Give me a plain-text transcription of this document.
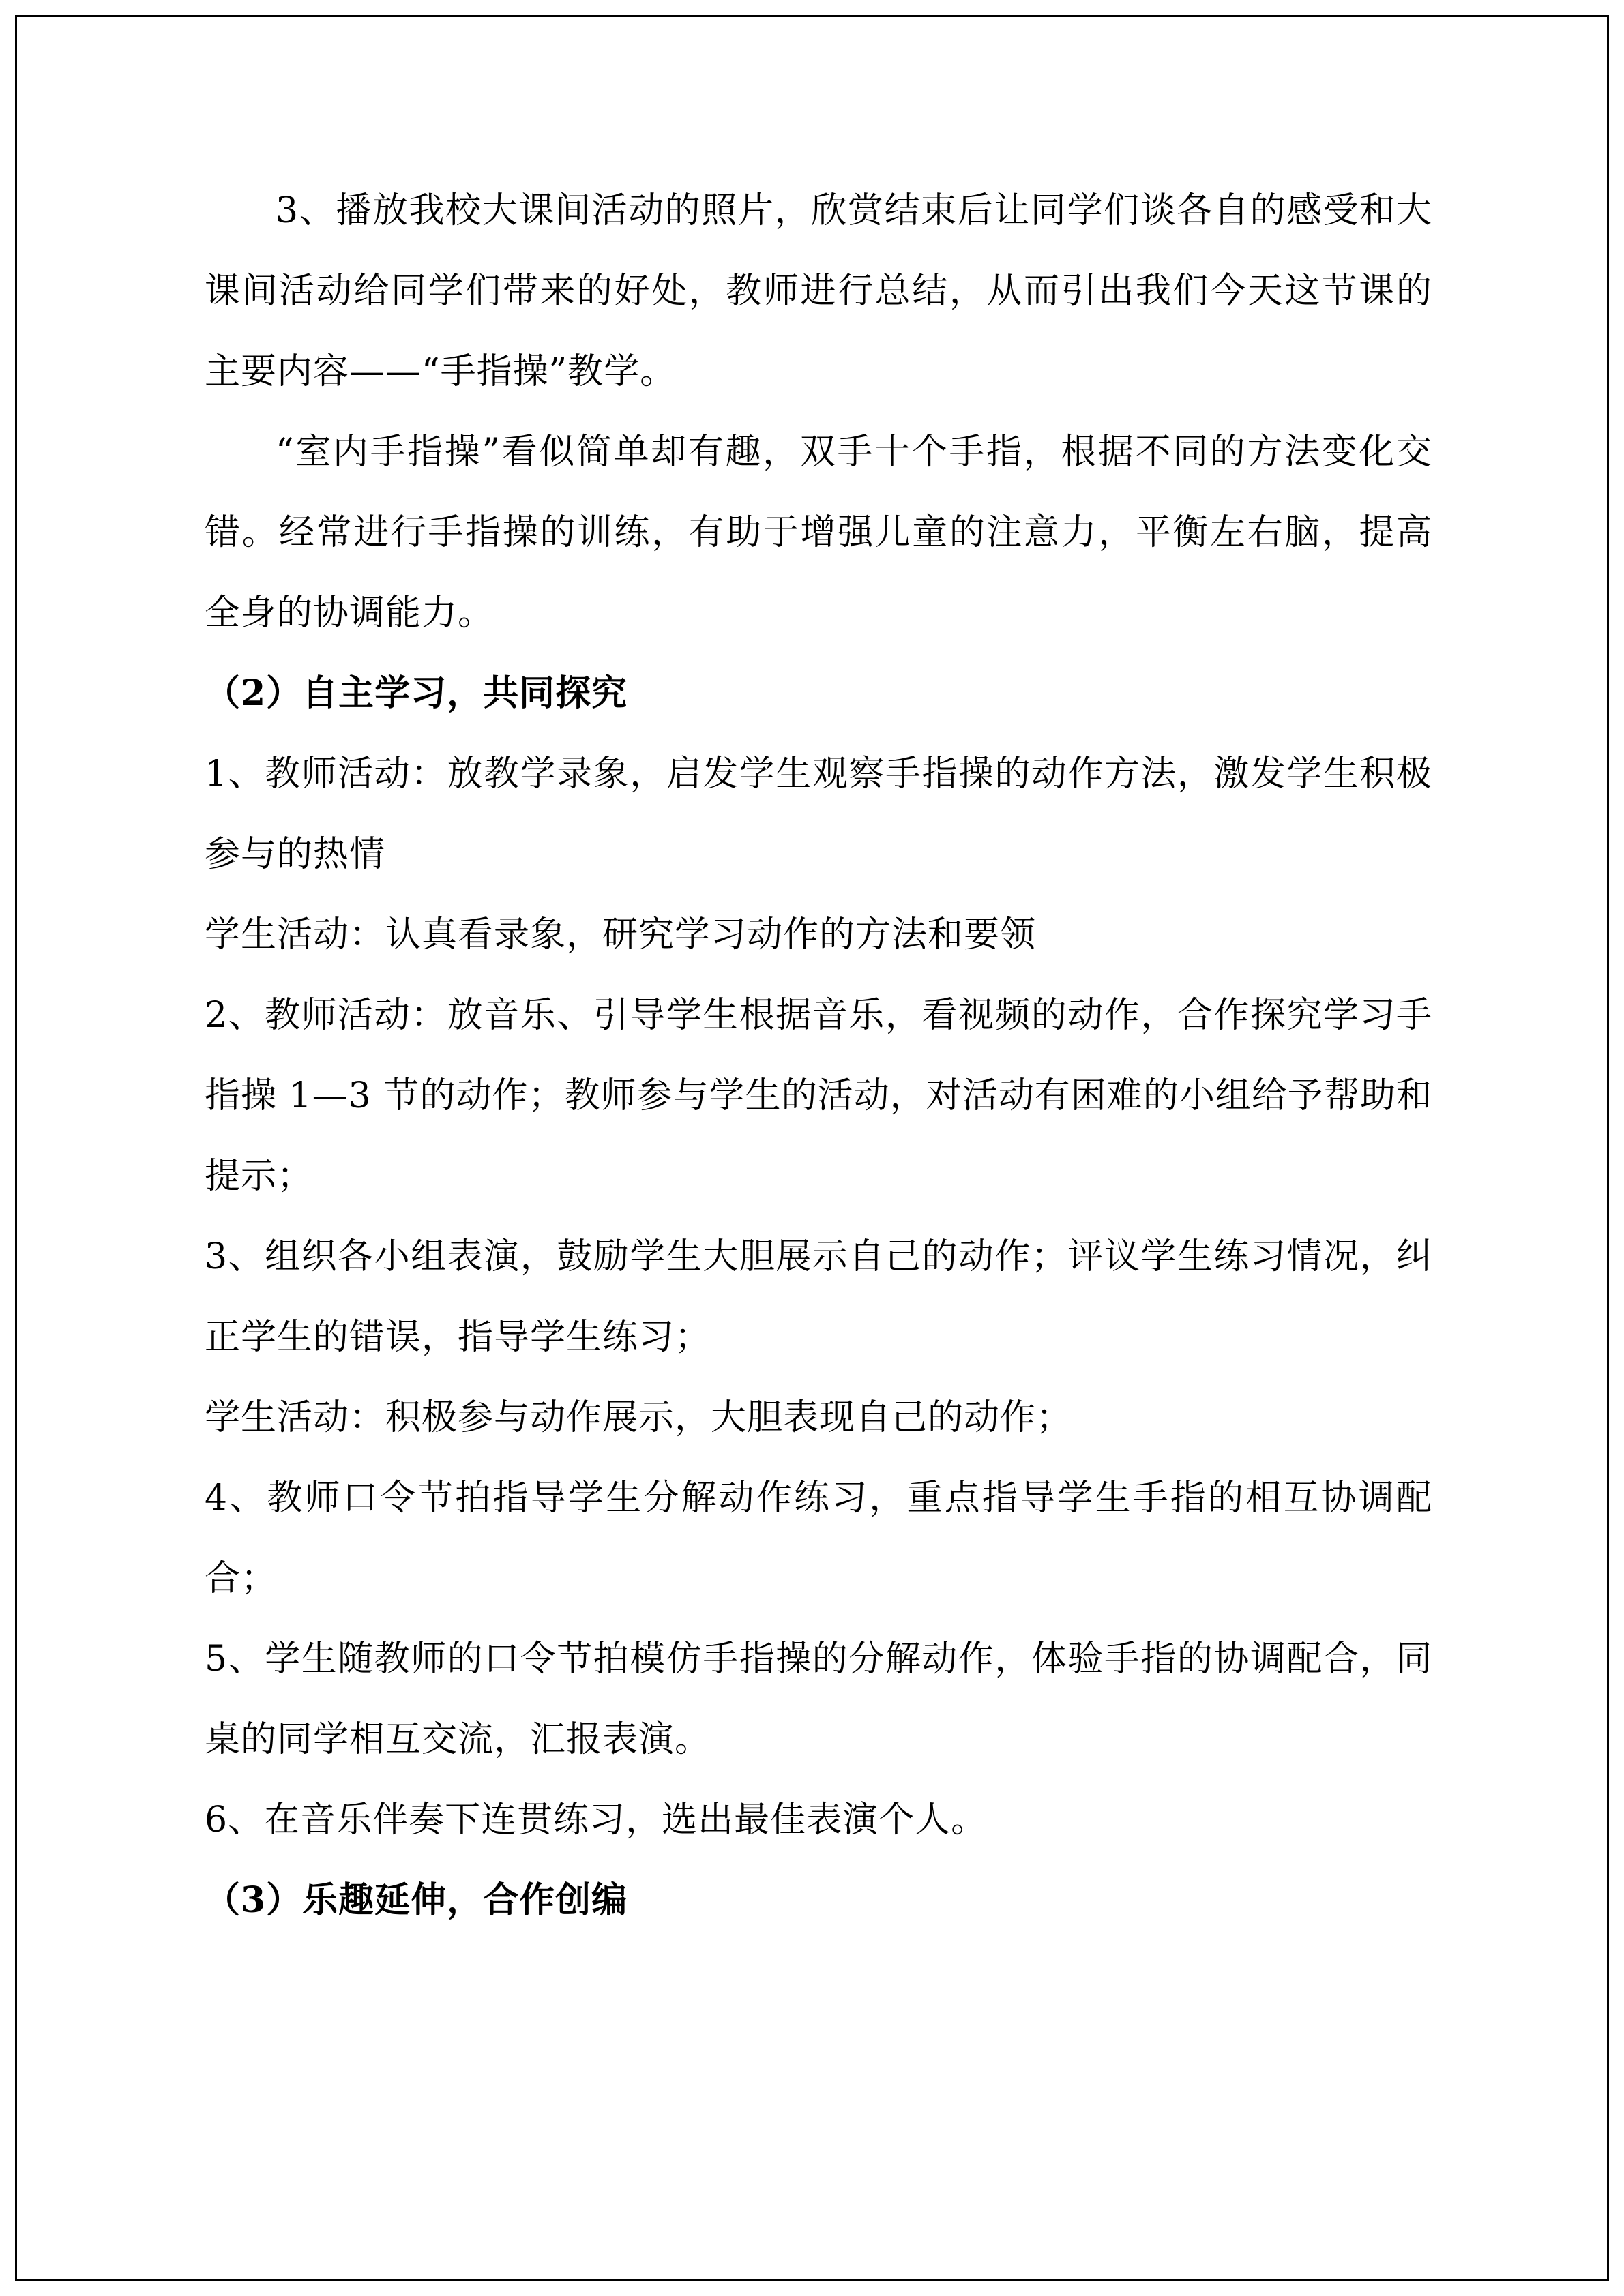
3、播放我校大课间活动的照片，欣赏结束后让同学们谈各自的感受和大课间活动给同学们带来的好处，教师进行总结，从而引出我们今天这节课的主要内容——“手指操”教学。

“室内手指操”看似简单却有趣，双手十个手指，根据不同的方法变化交错。经常进行手指操的训练，有助于增强儿童的注意力，平衡左右脑，提高全身的协调能力。

（2）自主学习，共同探究

1、教师活动：放教学录象，启发学生观察手指操的动作方法，激发学生积极参与的热情

学生活动：认真看录象，研究学习动作的方法和要领

2、教师活动：放音乐、引导学生根据音乐，看视频的动作，合作探究学习手指操 1—3 节的动作；教师参与学生的活动，对活动有困难的小组给予帮助和提示；

3、组织各小组表演，鼓励学生大胆展示自己的动作；评议学生练习情况，纠正学生的错误，指导学生练习；

学生活动：积极参与动作展示，大胆表现自己的动作；

4、教师口令节拍指导学生分解动作练习，重点指导学生手指的相互协调配合；

5、学生随教师的口令节拍模仿手指操的分解动作，体验手指的协调配合，同桌的同学相互交流，汇报表演。

6、在音乐伴奏下连贯练习，选出最佳表演个人。

（3）乐趣延伸，合作创编
